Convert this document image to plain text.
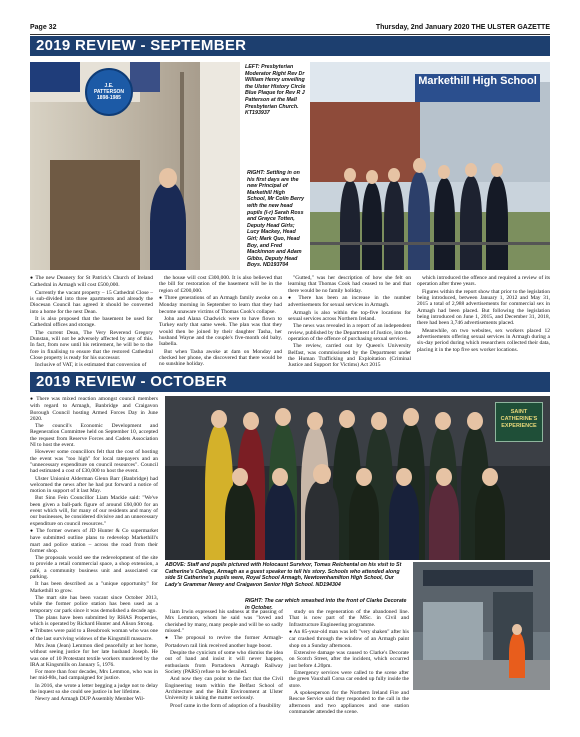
Page 32	Thursday, 2nd January 2020 THE ULSTER GAZETTE
2019 REVIEW - SEPTEMBER
J.E. PATTERSON 1898-1985
LEFT: Presbyterian Moderator Right Rev Dr William Henry unveiling the Ulster History Circle Blue Plaque for Rev R J Patterson at the Mall Presbyterian Church. KT193937
Markethill High School
RIGHT: Settling in on his first days are the new Principal of Markethill High School, Mr Colin Berry with the new head pupils (l-r) Sarah Ross and Grayce Totten, Deputy Head Girls; Lucy Mackey, Head Girl; Mark Quo, Head Boy, and Fred Mackinnon and Adam Gibbs, Deputy Head Boys. ND193704

● The new Deanery for St Patrick's Church of Ireland Cathedral in Armagh will cost £500,000.

Currently the vacant property – 15 Cathedral Close – is sub-divided into three apartments and already the Diocesan Council has agreed it should be converted into a home for the next Dean.

It is also proposed that the basement be used for Cathedral offices and storage.

The current Dean, The Very Reverend Gregory Dunstan, will not be adversely affected by any of this. In fact, from now until his retirement, he will be to the fore in finalising to ensure that the restored Cathedral Close property is ready for his successor.

Inclusive of VAT, it is estimated that conversion of

the house will cost £300,000. It is also believed that the bill for restoration of the basement will be in the region of £200,000.

● Three generations of an Armagh family awoke on a Monday morning in September to learn that they had become unaware victims of Thomas Cook's collapse.

John and Alana Chadwick were to have flown to Turkey early that same week. The plan was that they would then be joined by their daughter Tasha, her husband Wayne and the couple's five-month old baby, Isabella.

But when Tasha awoke at 4am on Monday and checked her phone, she discovered that there would be no sunshine holiday.

"Gutted," was her description of how she felt on learning that Thomas Cook had ceased to be and that there would be no family holiday.

● There has been an increase in the number advertisements for sexual services in Armagh.

Armagh is also within the top-five locations for sexual services across Northern Ireland.

The news was revealed in a report of an independent review, published by the Department of Justice, into the operation of the offence of purchasing sexual services.

The review, carried out by Queen's University Belfast, was commissioned by the Department under the Human Trafficking and Exploitation (Criminal Justice and Support for Victims) Act 2015

which introduced the offence and required a review of its operation after three years.

Figures within the report show that prior to the legislation being introduced, between January 1, 2012 and May 31, 2015 a total of 2,988 advertisements for commercial sex in Armagh had been placed. But following the legislation being introduced on June 1, 2015, and December 31, 2018, there had been 3,746 advertisements placed.

Meanwhile, on two websites, sex workers placed 12 advertisements offering sexual services in Armagh during a six-day period during which researchers collected their data, placing it in the top five sex worker locations.

2019 REVIEW - OCTOBER

● There was mixed reaction amongst council members with regard to Armagh, Banbridge and Craigavon Borough Council hosting Armed Forces Day in June 2020.

The council's Economic Development and Regeneration Committee held on September 10, accepted the request from Reserve Forces and Cadets Association NI to host the event.

However some councillors felt that the cost of hosting the event was "too high" for local ratepayers and an "unnecessary expenditure on council resources". Council had estimated a cost of £30,000 to host the event.

Ulster Unionist Alderman Glenn Barr (Banbridge) had welcomed the news after he had put forward a notice of motion in support of it last May.

But Sinn Fein Councillor Liam Mackle said: "We've been given a ball-park figure of around £60,000 for an event which will, for many of our residents and many of our businesses, be considered divisive and an unnecessary expenditure on council resources."

● The former owners of JD Hunter & Co supermarket have submitted outline plans to redevelop Markethill's mart and police station – across the road from their former shop.

The proposals would see the redevelopment of the site to provide a retail commercial space, a shop extension, a café, a community business unit and associated car parking.

It has been described as a "unique opportunity" for Markethill to grow.

The mart site has been vacant since October 2013, while the former police station has been used as a temporary car park since it was demolished a decade ago.

The plans have been submitted by RHAS Properties, which is operated by Richard Hunter and Alison Strong.

● Tributes were paid to a Bessbrook woman who was one of the last surviving widows of the Kingsmill massacre.

Mrs Jean (Jean) Lemmon died peacefully at her home, without seeing justice for her late husband Joseph. He was one of 10 Protestant textile workers murdered by the IRA at Kingsmills on January 5, 1976.

For more than four decades, Mrs Lemmon, who was in her mid-80s, had campaigned for justice.

In 2016, she wrote a letter begging a judge not to delay the inquest so she could see justice in her lifetime.

Newry and Armagh DUP Assembly Member Wil-

SAINT CATHERINE'S EXPERIENCE
ABOVE: Staff and pupils pictured with Holocaust Survivor, Tomas Reichental on his visit to St Catherine's College, Armagh as a guest speaker to tell his story. Schools who attended along side St Catherine's pupils were, Royal School Armagh, Newtownhamilton High School, Our Lady's Grammar Newry and Craigavon Senior High School. ND194304
RIGHT: The car which smashed into the front of Clarke Decorate in October.

liam Irwin expressed his sadness at the passing of Mrs Lemmon, whom he said was "loved and cherished by many, many people and will be so sadly missed."

● The proposal to revive the former Armagh-Portadown rail link received another huge boost.

Despite the cynicism of some who dismiss the idea out of hand and insist it will never happen, enthusiasts from Portadown Armagh Railway Society (PARS) refuse to be derailed.

And now they can point to the fact that the Civil Engineering team within the Belfast School of Architecture and the Built Environment at Ulster University is taking the matter seriously.

Proof came in the form of adoption of a feasibility

study on the regeneration of the abandoned line. That is now part of the MSc. in Civil and Infrastructure Engineering programme.

● An 85-year-old man was left "very shaken" after his car crashed through the window of an Armagh paint shop on a Sunday afternoon.

Extensive damage was caused to Clarke's Decorate on Scotch Street, after the incident, which occurred just before 4.20pm.

Emergency services were called to the scene after the green Vauxhall Corsa car ended up fully inside the store.

A spokesperson for the Northern Ireland Fire and Rescue Service said they responded to the call in the afternoon and two appliances and one station commander attended the scene.
